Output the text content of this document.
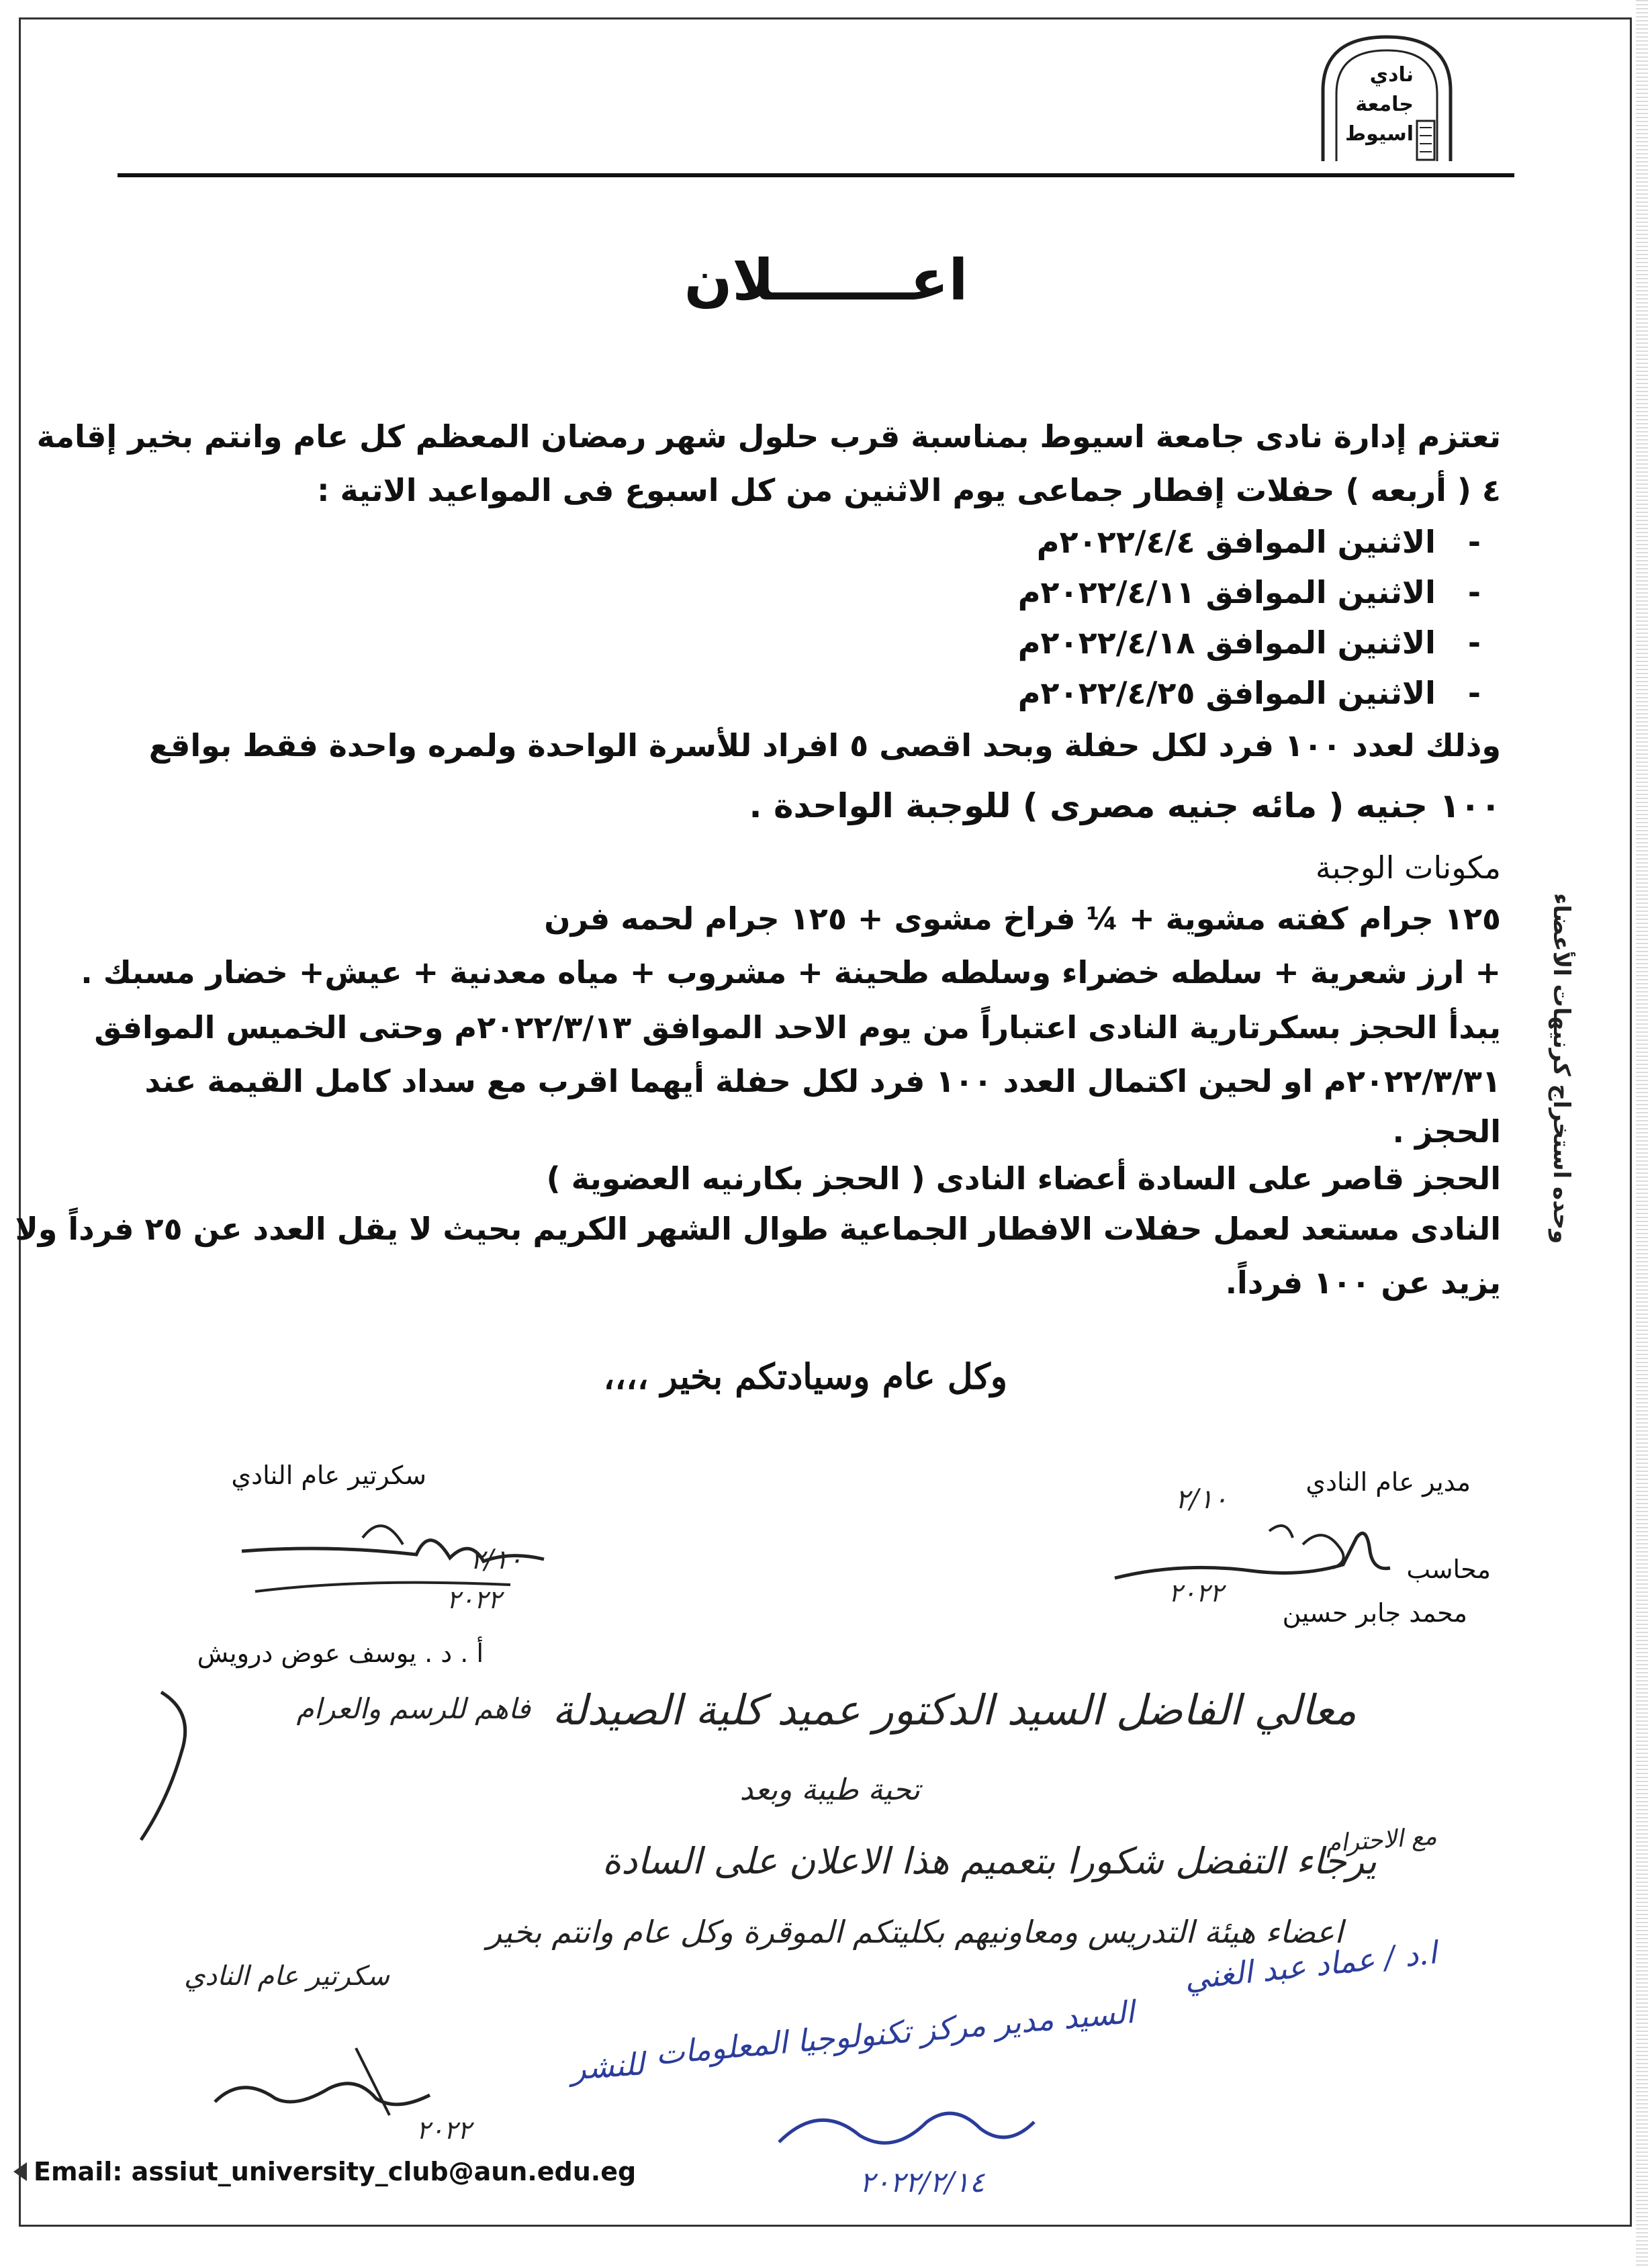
نادي
جامعة
اسيوط
اعـــــــلان
تعتزم إدارة نادى جامعة اسيوط بمناسبة قرب حلول شهر رمضان المعظم كل عام وانتم بخير إقامة
٤ ( أربعه ) حفلات إفطار جماعى يوم الاثنين من كل اسبوع فى المواعيد الاتية :
-الاثنين الموافق ٢٠٢٢/٤/٤م
-الاثنين الموافق ٢٠٢٢/٤/١١م
-الاثنين الموافق ٢٠٢٢/٤/١٨م
-الاثنين الموافق ٢٠٢٢/٤/٢٥م
وذلك لعدد ١٠٠ فرد لكل حفلة وبحد اقصى ٥ افراد للأسرة الواحدة ولمره واحدة فقط بواقع
١٠٠ جنيه ( مائه جنيه مصرى ) للوجبة الواحدة .
مكونات الوجبة
١٢٥ جرام كفته مشوية + ¼ فراخ مشوى + ١٢٥ جرام لحمه فرن
+ ارز شعرية + سلطه خضراء وسلطه طحينة + مشروب + مياه معدنية + عيش+ خضار مسبك .
يبدأ الحجز بسكرتارية النادى اعتباراً من يوم الاحد الموافق ٢٠٢٢/٣/١٣م وحتى الخميس الموافق
٢٠٢٢/٣/٣١م او لحين اكتمال العدد ١٠٠ فرد لكل حفلة أيهما اقرب مع سداد كامل القيمة عند
الحجز .
الحجز قاصر على السادة أعضاء النادى ( الحجز بكارنيه العضوية )
النادى مستعد لعمل حفلات الافطار الجماعية طوال الشهر الكريم بحيث لا يقل العدد عن ٢٥ فرداً ولا
يزيد عن ١٠٠ فرداً.
وكل عام وسيادتكم بخير ،،،،
وحده استخراج كرنيهات الأعضاء
مدير عام النادي
سكرتير عام النادي
محاسب
محمد جابر حسين
أ . د . يوسف عوض درويش
٢/١٠
٢٠٢٢
٢/١٠
٢٠٢٢
فاهم للرسم والعرام معالي الفاضل السيد الدكتور عميد كلية الصيدلة
تحية طيبة وبعد
يرجاء التفضل شكورا بتعميم هذا الاعلان على السادة
اعضاء هيئة التدريس ومعاونيهم بكليتكم الموقرة وكل عام وانتم بخير
مع الاحترام
سكرتير عام النادي	ا.د / عماد عبد الغني
السيد مدير مركز تكنولوجيا المعلومات
للنشر
٢٠٢٢/٢/١٤
٢٠٢٢
Email: assiut_university_club@aun.edu.eg
